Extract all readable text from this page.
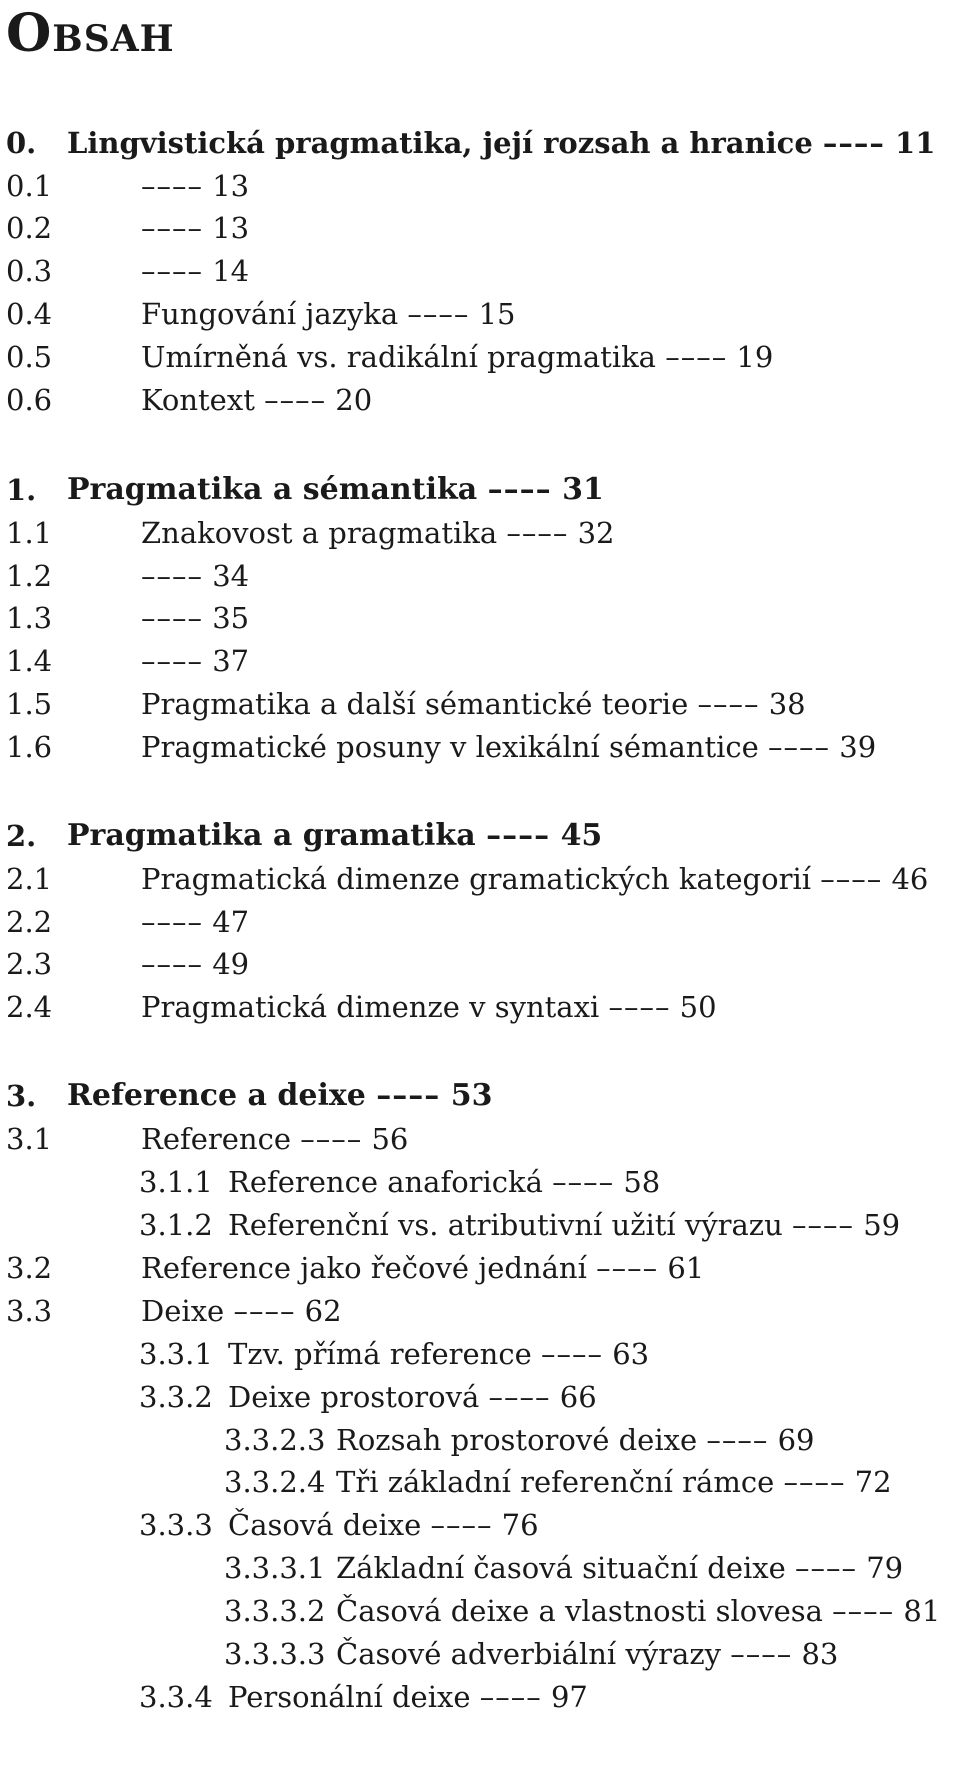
Obsah
0. Lingvistická pragmatika, její rozsah a hranice –––– 11
0.1	–––– 13
0.2	–––– 13
0.3	–––– 14
0.4	Fungování jazyka –––– 15
0.5	Umírněná vs. radikální pragmatika –––– 19
0.6	Kontext –––– 20
1. Pragmatika a sémantika –––– 31
1.1	Znakovost a pragmatika –––– 32
1.2	–––– 34
1.3	–––– 35
1.4	–––– 37
1.5	Pragmatika a další sémantické teorie –––– 38
1.6	Pragmatické posuny v lexikální sémantice –––– 39
2. Pragmatika a gramatika –––– 45
2.1	Pragmatická dimenze gramatických kategorií –––– 46
2.2	–––– 47
2.3	–––– 49
2.4	Pragmatická dimenze v syntaxi –––– 50
3. Reference a deixe –––– 53
3.1	Reference –––– 56
3.1.1 Reference anaforická –––– 58
3.1.2 Referenční vs. atributivní užití výrazu –––– 59
3.2	Reference jako řečové jednání –––– 61
3.3	Deixe –––– 62
3.3.1 Tzv. přímá reference –––– 63
3.3.2 Deixe prostorová –––– 66
3.3.2.3 Rozsah prostorové deixe –––– 69
3.3.2.4 Tři základní referenční rámce –––– 72
3.3.3 Časová deixe –––– 76
3.3.3.1 Základní časová situační deixe –––– 79
3.3.3.2 Časová deixe a vlastnosti slovesa –––– 81
3.3.3.3 Časové adverbiální výrazy –––– 83
3.3.4 Personální deixe –––– 97
